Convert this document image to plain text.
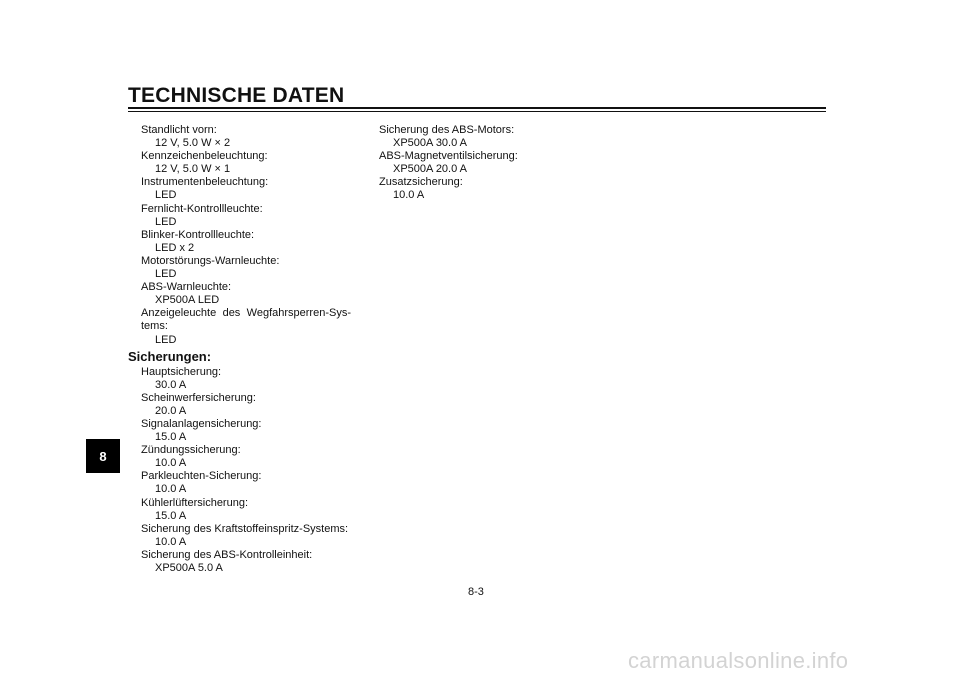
TECHNISCHE DATEN
8
Standlicht vorn:
12 V, 5.0 W × 2
Kennzeichenbeleuchtung:
12 V, 5.0 W × 1
Instrumentenbeleuchtung:
LED
Fernlicht-Kontrollleuchte:
LED
Blinker-Kontrollleuchte:
LED x 2
Motorstörungs-Warnleuchte:
LED
ABS-Warnleuchte:
XP500A LED
Anzeigeleuchte des Wegfahrsperren-Sys-tems:
LED
Sicherungen:
Hauptsicherung:
30.0 A
Scheinwerfersicherung:
20.0 A
Signalanlagensicherung:
15.0 A
Zündungssicherung:
10.0 A
Parkleuchten-Sicherung:
10.0 A
Kühlerlüftersicherung:
15.0 A
Sicherung des Kraftstoffeinspritz-Systems:
10.0 A
Sicherung des ABS-Kontrolleinheit:
XP500A 5.0 A
Sicherung des ABS-Motors:
XP500A 30.0 A
ABS-Magnetventilsicherung:
XP500A 20.0 A
Zusatzsicherung:
10.0 A
8-3
carmanualsonline.info
